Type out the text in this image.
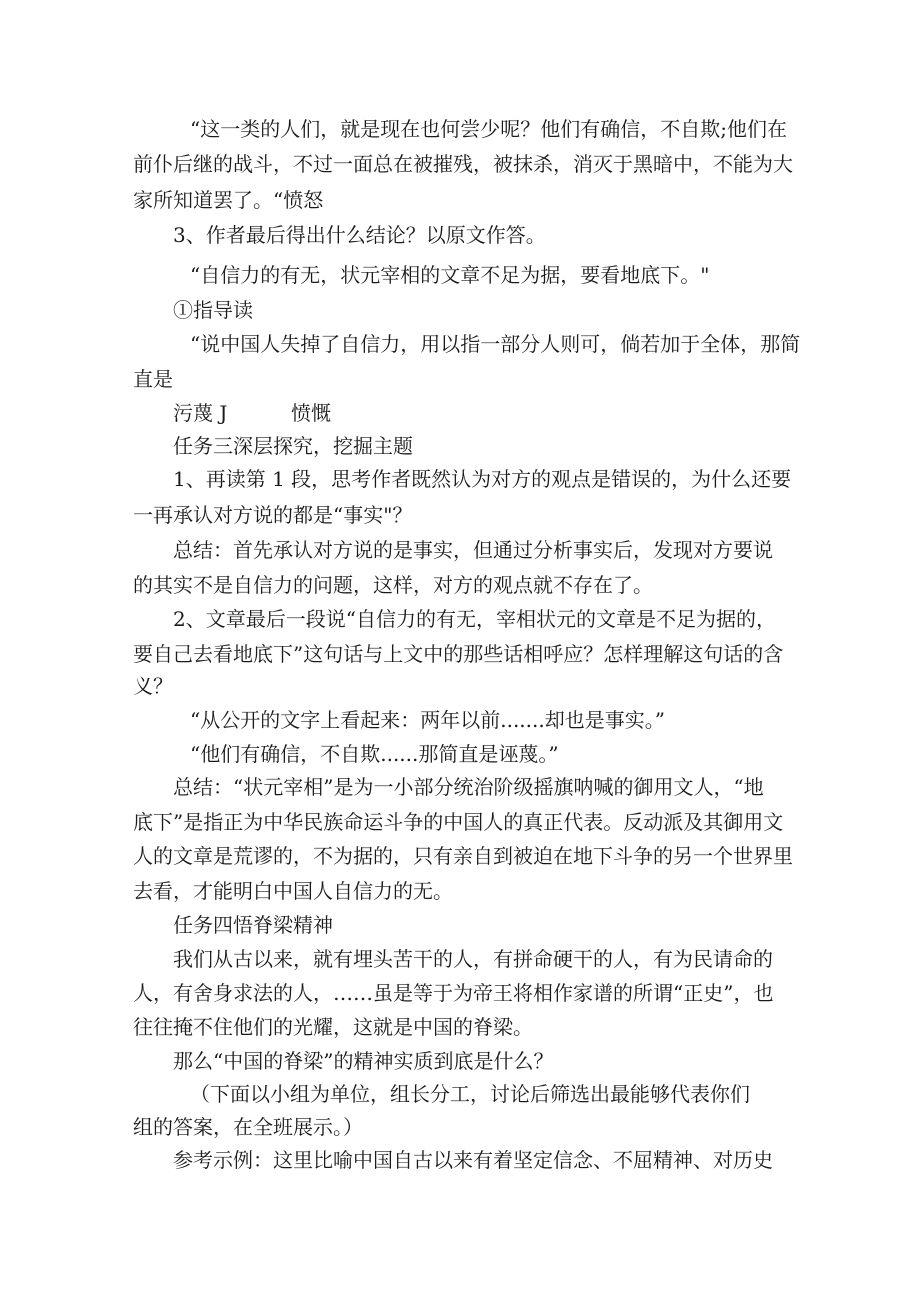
“这一类的人们，就是现在也何尝少呢？他们有确信，不自欺;他们在
前仆后继的战斗，不过一面总在被摧残，被抹杀，消灭于黑暗中，不能为大
家所知道罢了。“愤怒
3、作者最后得出什么结论？以原文作答。
“自信力的有无，状元宰相的文章不足为据，要看地底下。"
①指导读
“说中国人失掉了自信力，用以指一部分人则可，倘若加于全体，那简
直是
污蔑 J          愤慨
任务三深层探究，挖掘主题
1、再读第 1 段，思考作者既然认为对方的观点是错误的，为什么还要
一再承认对方说的都是“事实"？
总结：首先承认对方说的是事实，但通过分析事实后，发现对方要说
的其实不是自信力的问题，这样，对方的观点就不存在了。
2、文章最后一段说“自信力的有无，宰相状元的文章是不足为据的，
要自己去看地底下”这句话与上文中的那些话相呼应？怎样理解这句话的含
义？
“从公开的文字上看起来：两年以前.......却也是事实。”
“他们有确信，不自欺......那简直是诬蔑。”
总结：“状元宰相”是为一小部分统治阶级摇旗呐喊的御用文人，“地
底下”是指正为中华民族命运斗争的中国人的真正代表。反动派及其御用文
人的文章是荒谬的，不为据的，只有亲自到被迫在地下斗争的另一个世界里
去看，才能明白中国人自信力的无。
任务四悟脊梁精神
我们从古以来，就有埋头苦干的人，有拼命硬干的人，有为民请命的
人，有舍身求法的人，……虽是等于为帝王将相作家谱的所谓“正史”，也
往往掩不住他们的光耀，这就是中国的脊梁。
那么“中国的脊梁”的精神实质到底是什么？
（下面以小组为单位，组长分工，讨论后筛选出最能够代表你们
组的答案，在全班展示。）
参考示例：这里比喻中国自古以来有着坚定信念、不屈精神、对历史
